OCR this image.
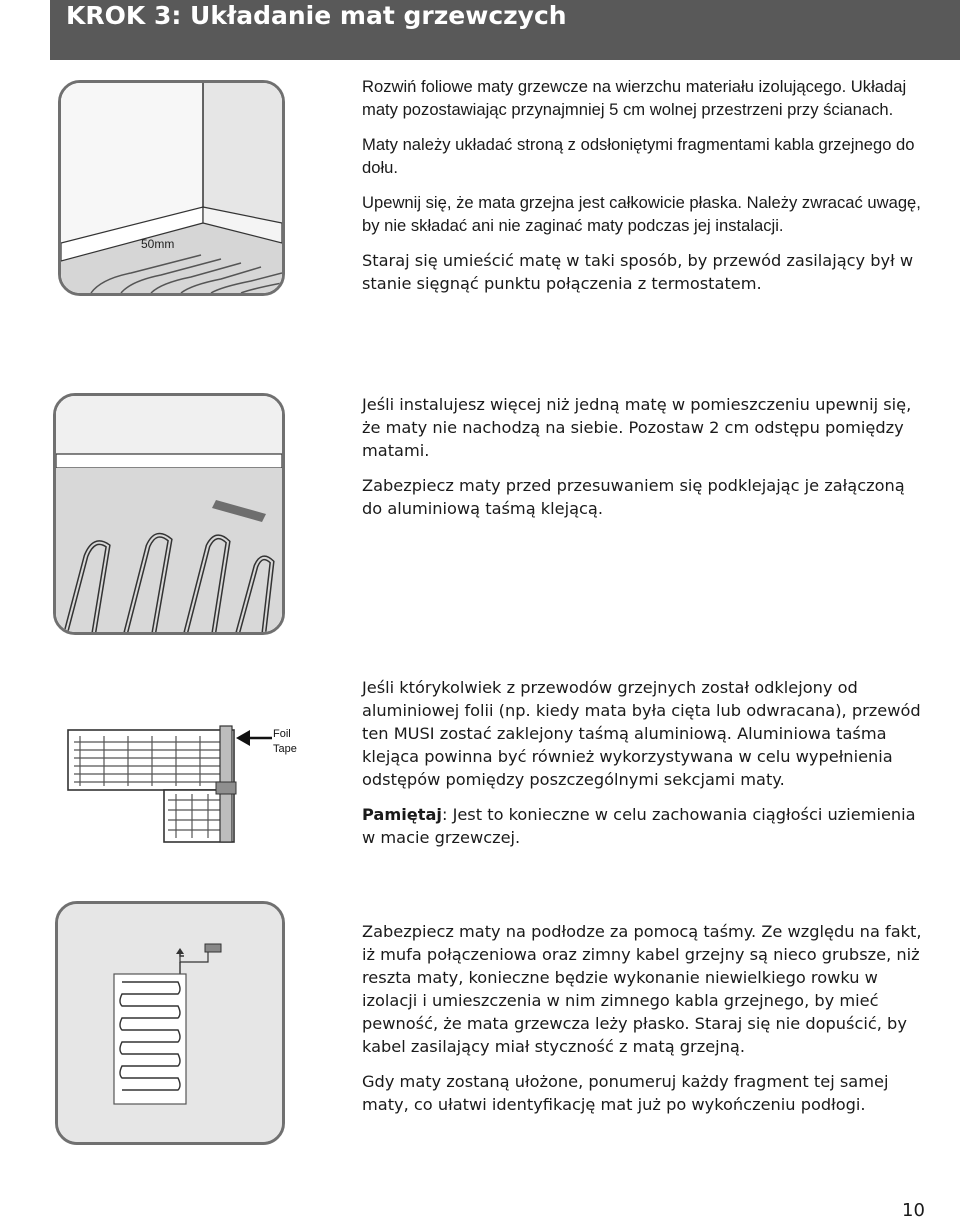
KROK 3: Układanie mat grzewczych
50mm

Rozwiń foliowe maty grzewcze na wierzchu materiału izolującego. Układaj maty pozostawiając przynajmniej 5 cm wolnej przestrzeni przy ścianach.

Maty należy układać stroną z odsłoniętymi fragmentami kabla grzejnego do dołu.

Upewnij się, że mata grzejna jest całkowicie płaska. Należy zwracać uwagę, by nie składać ani nie zaginać maty podczas jej instalacji.

Staraj się umieścić matę w taki sposób, by przewód zasilający był w stanie sięgnąć punktu połączenia z termostatem.

Jeśli instalujesz więcej niż jedną matę w pomieszczeniu upewnij się, że maty nie nachodzą na siebie. Pozostaw 2 cm odstępu pomiędzy matami.

Zabezpiecz maty przed przesuwaniem się podklejając je załączoną do aluminiową taśmą klejącą.

Foil
Tape

Jeśli którykolwiek z przewodów grzejnych został odklejony od aluminiowej folii (np. kiedy mata była cięta lub odwracana), przewód ten MUSI zostać zaklejony taśmą aluminiową. Aluminiowa taśma klejąca powinna być również wykorzystywana w celu wypełnienia odstępów pomiędzy poszczególnymi sekcjami maty.

Pamiętaj: Jest to konieczne w celu zachowania ciągłości uziemienia w macie grzewczej.

Zabezpiecz maty na podłodze za pomocą taśmy. Ze względu na fakt, iż mufa połączeniowa oraz zimny kabel grzejny są nieco grubsze, niż reszta maty, konieczne będzie wykonanie niewielkiego rowku w izolacji i umieszczenia w nim zimnego kabla grzejnego, by mieć pewność, że mata grzewcza leży płasko. Staraj się nie dopuścić, by kabel zasilający miał styczność z matą grzejną.

Gdy maty zostaną ułożone, ponumeruj każdy fragment tej samej maty, co ułatwi identyfikację mat już po wykończeniu podłogi.

10
